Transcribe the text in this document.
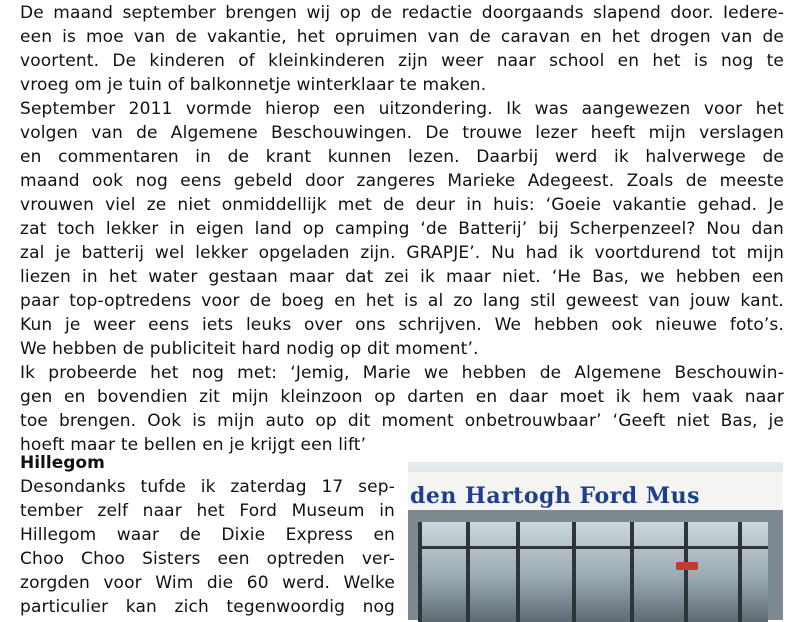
De maand september brengen wij op de redactie doorgaands slapend door. Iedere-
een is moe van de vakantie, het opruimen van de caravan en het drogen van de
voortent. De kinderen of kleinkinderen zijn weer naar school en het is nog te
vroeg om je tuin of balkonnetje winterklaar te maken.
September 2011 vormde hierop een uitzondering. Ik was aangewezen voor het
volgen van de Algemene Beschouwingen. De trouwe lezer heeft mijn verslagen
en commentaren in de krant kunnen lezen. Daarbij werd ik halverwege de
maand ook nog eens gebeld door zangeres Marieke Adegeest. Zoals de meeste
vrouwen viel ze niet onmiddellijk met de deur in huis: ‘Goeie vakantie gehad. Je
zat toch lekker in eigen land op camping ‘de Batterij’ bij Scherpenzeel? Nou dan
zal je batterij wel lekker opgeladen zijn. GRAPJE’. Nu had ik voortdurend tot mijn
liezen in het water gestaan maar dat zei ik maar niet. ‘He Bas, we hebben een
paar top-optredens voor de boeg en het is al zo lang stil geweest van jouw kant.
Kun je weer eens iets leuks over ons schrijven. We hebben ook nieuwe foto’s.
We hebben de publiciteit hard nodig op dit moment’.
Ik probeerde het nog met: ‘Jemig, Marie we hebben de Algemene Beschouwin-
gen en bovendien zit mijn kleinzoon op darten en daar moet ik hem vaak naar
toe brengen. Ook is mijn auto op dit moment onbetrouwbaar’ ‘Geeft niet Bas, je
hoeft maar te bellen en je krijgt een lift’
Hillegom
Desondanks tufde ik zaterdag 17 sep-
tember zelf naar het Ford Museum in
Hillegom waar de Dixie Express en
Choo Choo Sisters een optreden ver-
zorgden voor Wim die 60 werd. Welke
particulier kan zich tegenwoordig nog
den Hartogh Ford Mus
